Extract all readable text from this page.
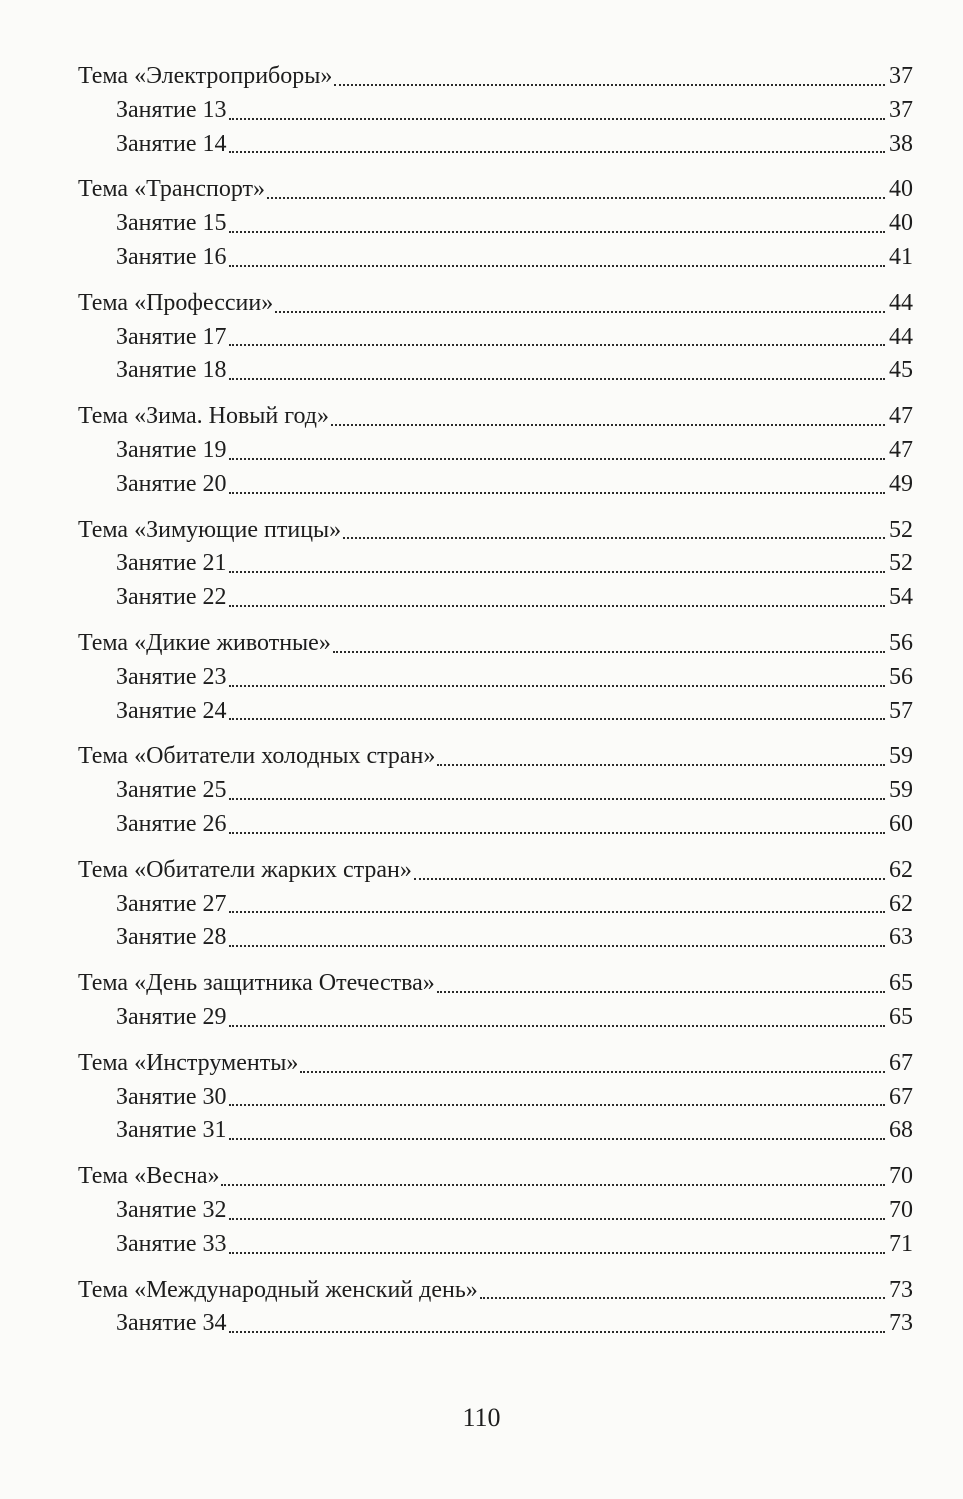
Тема «Электроприборы»	37
Занятие 13	37
Занятие 14	38
Тема «Транспорт»	40
Занятие 15	40
Занятие 16	41
Тема «Профессии»	44
Занятие 17	44
Занятие 18	45
Тема «Зима. Новый год»	47
Занятие 19	47
Занятие 20	49
Тема «Зимующие птицы»	52
Занятие 21	52
Занятие 22	54
Тема «Дикие животные»	56
Занятие 23	56
Занятие 24	57
Тема «Обитатели холодных стран»	59
Занятие 25	59
Занятие 26	60
Тема «Обитатели жарких стран»	62
Занятие 27	62
Занятие 28	63
Тема «День защитника Отечества»	65
Занятие 29	65
Тема «Инструменты»	67
Занятие 30	67
Занятие 31	68
Тема «Весна»	70
Занятие 32	70
Занятие 33	71
Тема «Международный женский день»	73
Занятие 34	73
110
